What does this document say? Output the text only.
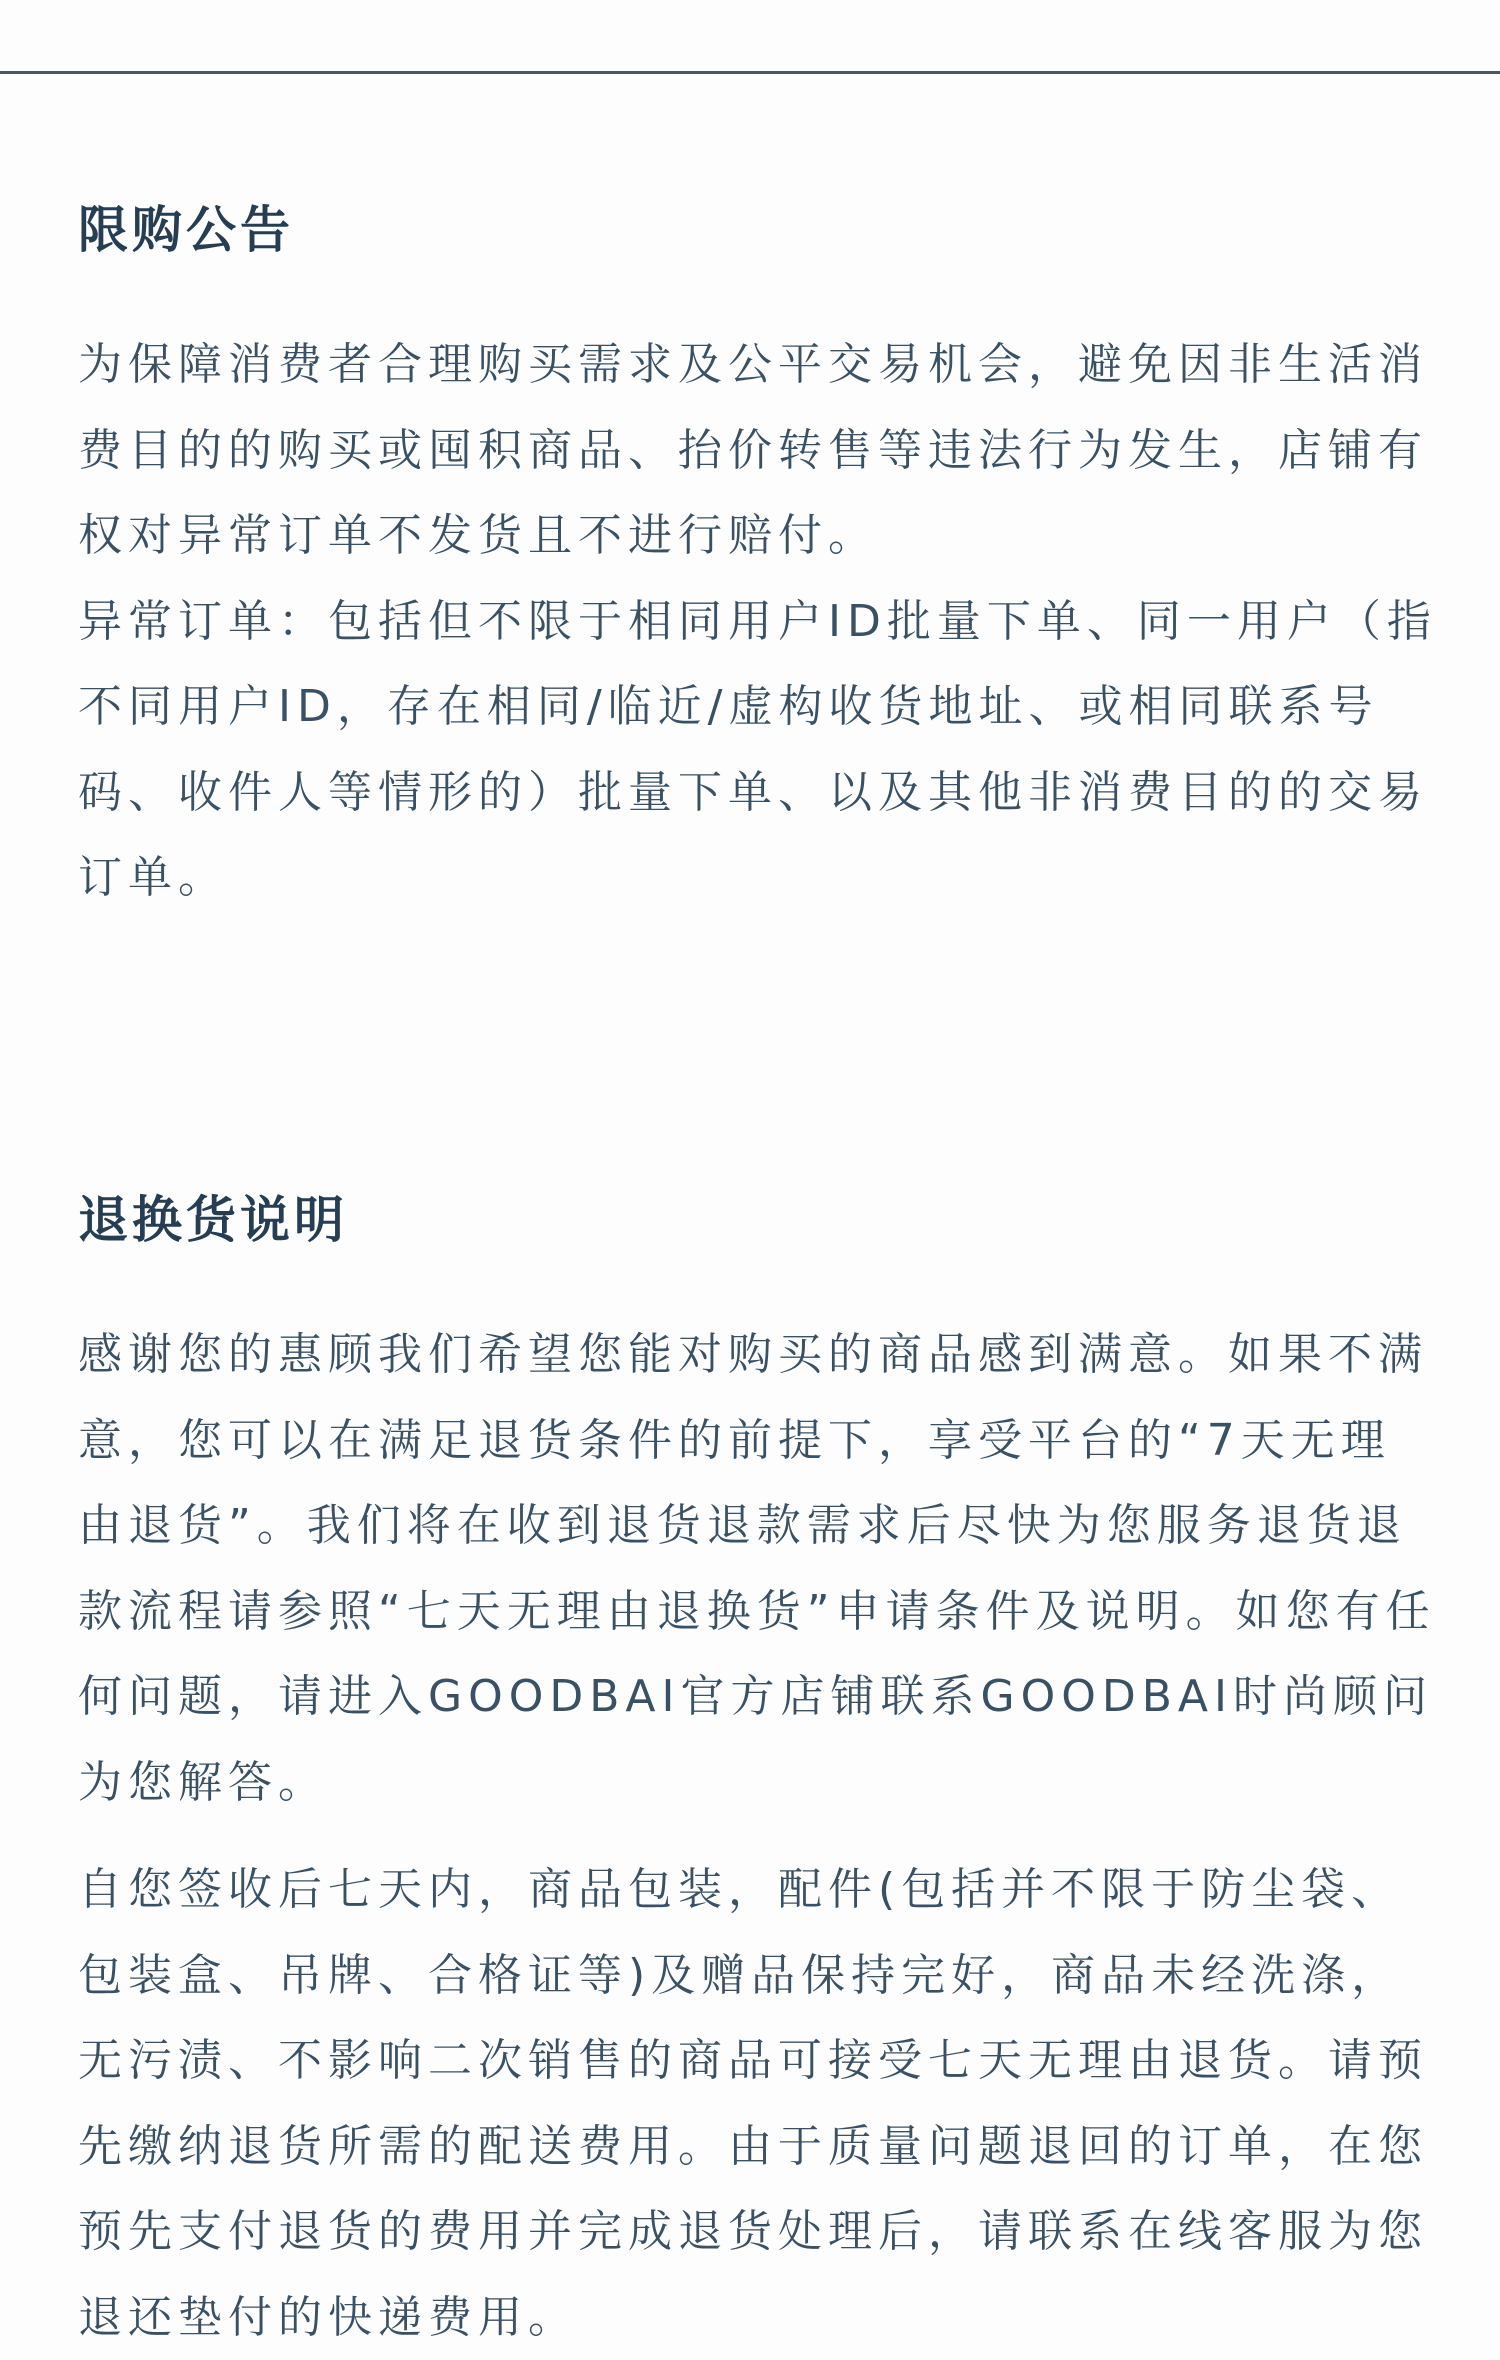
限购公告

为保障消费者合理购买需求及公平交易机会，避免因非生活消费目的的购买或囤积商品、抬价转售等违法行为发生，店铺有权对异常订单不发货且不进行赔付。

异常订单：包括但不限于相同用户ID批量下单、同一用户（指不同用户ID，存在相同/临近/虚构收货地址、或相同联系号码、收件人等情形的）批量下单、以及其他非消费目的的交易订单。

退换货说明

感谢您的惠顾我们希望您能对购买的商品感到满意。如果不满意，您可以在满足退货条件的前提下，享受平台的“7天无理由退货”。我们将在收到退货退款需求后尽快为您服务退货退款流程请参照“七天无理由退换货”申请条件及说明。如您有任何问题，请进入GOODBAI官方店铺联系GOODBAI时尚顾问为您解答。

自您签收后七天内，商品包装，配件(包括并不限于防尘袋、包装盒、吊牌、合格证等)及赠品保持完好，商品未经洗涤，无污渍、不影响二次销售的商品可接受七天无理由退货。请预先缴纳退货所需的配送费用。由于质量问题退回的订单，在您预先支付退货的费用并完成退货处理后，请联系在线客服为您退还垫付的快递费用。
